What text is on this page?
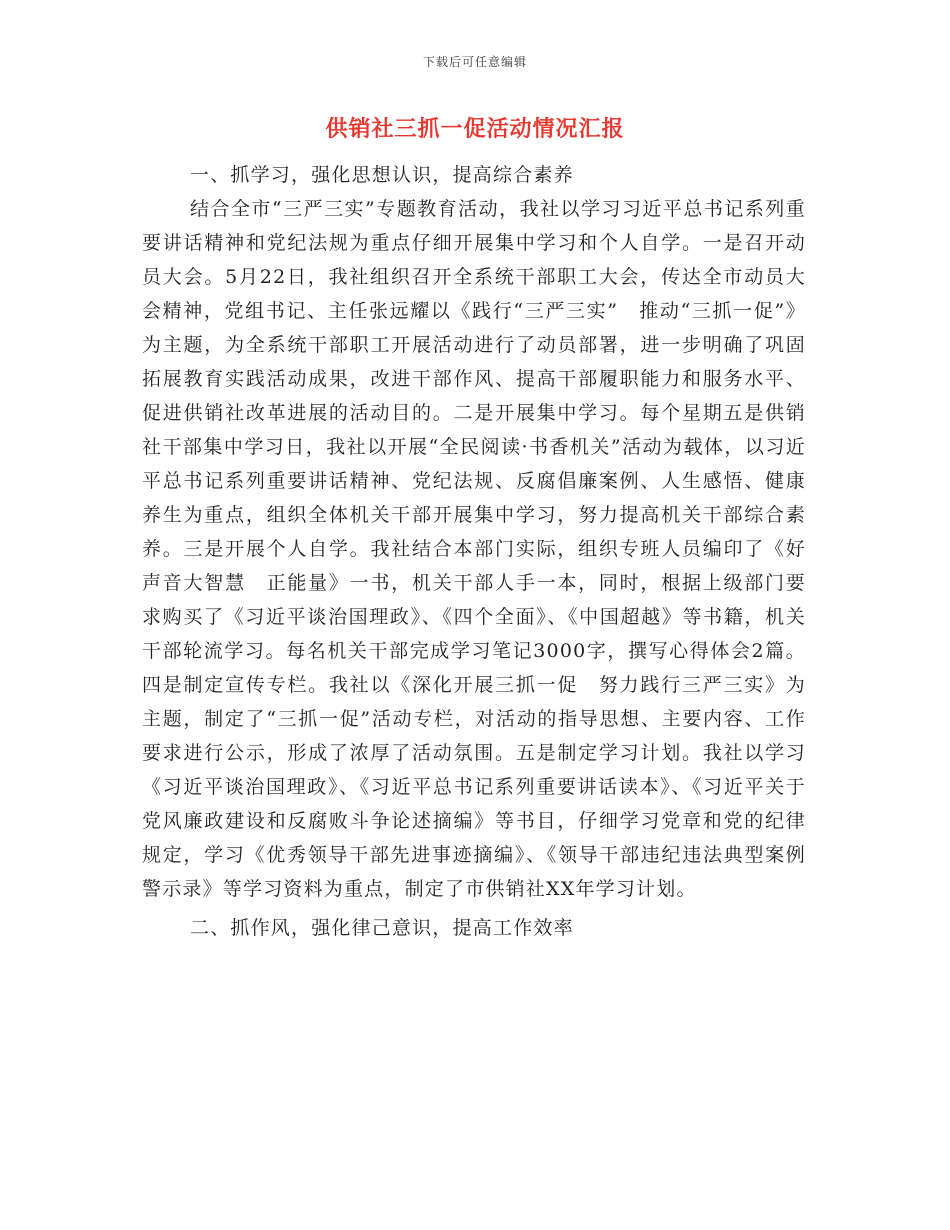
下载后可任意编辑
供销社三抓一促活动情况汇报

一、抓学习，强化思想认识，提高综合素养

结合全市“三严三实”专题教育活动，我社以学习习近平总书记系列重要讲话精神和党纪法规为重点仔细开展集中学习和个人自学。一是召开动员大会。5月22日，我社组织召开全系统干部职工大会，传达全市动员大会精神，党组书记、主任张远耀以《践行“三严三实”　推动“三抓一促”》为主题，为全系统干部职工开展活动进行了动员部署，进一步明确了巩固拓展教育实践活动成果，改进干部作风、提高干部履职能力和服务水平、促进供销社改革进展的活动目的。二是开展集中学习。每个星期五是供销社干部集中学习日，我社以开展“全民阅读·书香机关”活动为载体，以习近平总书记系列重要讲话精神、党纪法规、反腐倡廉案例、人生感悟、健康养生为重点，组织全体机关干部开展集中学习，努力提高机关干部综合素养。三是开展个人自学。我社结合本部门实际，组织专班人员编印了《好声音大智慧　正能量》一书，机关干部人手一本，同时，根据上级部门要求购买了《习近平谈治国理政》、《四个全面》、《中国超越》等书籍，机关干部轮流学习。每名机关干部完成学习笔记3000字，撰写心得体会2篇。四是制定宣传专栏。我社以《深化开展三抓一促　努力践行三严三实》为主题，制定了“三抓一促”活动专栏，对活动的指导思想、主要内容、工作要求进行公示，形成了浓厚了活动氛围。五是制定学习计划。我社以学习《习近平谈治国理政》、《习近平总书记系列重要讲话读本》、《习近平关于党风廉政建设和反腐败斗争论述摘编》等书目，仔细学习党章和党的纪律规定，学习《优秀领导干部先进事迹摘编》、《领导干部违纪违法典型案例警示录》等学习资料为重点，制定了市供销社XX年学习计划。

二、抓作风，强化律己意识，提高工作效率
